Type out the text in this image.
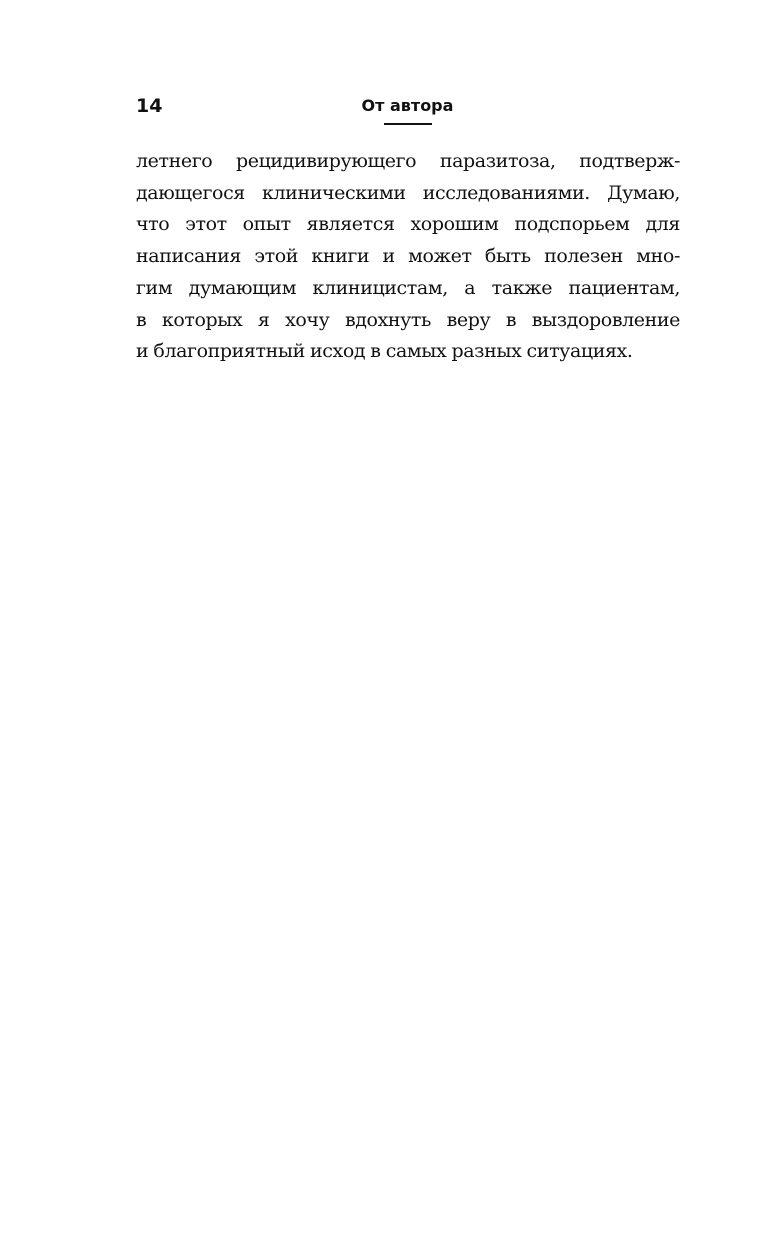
14	От автора
летнего рецидивирующего паразитоза, подтверж-
дающегося клиническими исследованиями. Думаю,
что этот опыт является хорошим подспорьем для
написания этой книги и может быть полезен мно-
гим думающим клиницистам, а также пациентам,
в которых я хочу вдохнуть веру в выздоровление
и благоприятный исход в самых разных ситуациях.
